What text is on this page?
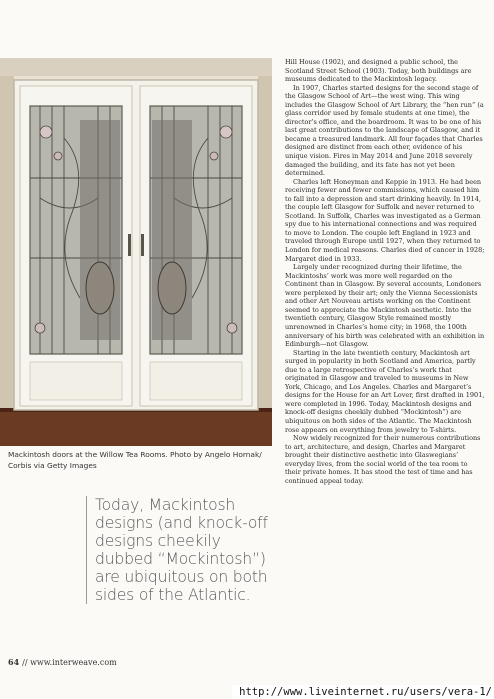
Mackintosh doors at the Willow Tea Rooms. Photo by Angelo Hornak/ Corbis via Getty Images
Today, Mackintosh designs (and knock-off designs cheekily dubbed “Mockintosh”) are ubiquitous on both sides of the Atlantic.

Hill House (1902), and designed a public school, the Scotland Street School (1903). Today, both buildings are museums dedicated to the Mackintosh legacy.

In 1907, Charles started designs for the second stage of the Glasgow School of Art—the west wing. This wing includes the Glasgow School of Art Library, the “hen run” (a glass corridor used by female students at one time), the director’s office, and the boardroom. It was to be one of his last great contributions to the landscape of Glasgow, and it became a treasured landmark. All four façades that Charles designed are distinct from each other, evidence of his unique vision. Fires in May 2014 and June 2018 severely damaged the building, and its fate has not yet been determined.

Charles left Honeyman and Keppie in 1913. He had been receiving fewer and fewer commissions, which caused him to fall into a depression and start drinking heavily. In 1914, the couple left Glasgow for Suffolk and never returned to Scotland. In Suffolk, Charles was investigated as a German spy due to his international connections and was required to move to London. The couple left England in 1923 and traveled through Europe until 1927, when they returned to London for medical reasons. Charles died of cancer in 1928; Margaret died in 1933.

Largely under recognized during their lifetime, the Mackintoshs’ work was more well regarded on the Continent than in Glasgow. By several accounts, Londoners were perplexed by their art; only the Vienna Secessionists and other Art Nouveau artists working on the Continent seemed to appreciate the Mackintosh aesthetic. Into the twentieth century, Glasgow Style remained mostly unrenowned in Charles’s home city; in 1968, the 100th anniversary of his birth was celebrated with an exhibition in Edinburgh—not Glasgow.

Starting in the late twentieth century, Mackintosh art surged in popularity in both Scotland and America, partly due to a large retrospective of Charles’s work that originated in Glasgow and traveled to museums in New York, Chicago, and Los Angeles. Charles and Margaret’s designs for the House for an Art Lover, first drafted in 1901, were completed in 1996. Today, Mackintosh designs and knock-off designs cheekily dubbed “Mockintosh”) are ubiquitous on both sides of the Atlantic. The Mackintosh rose appears on everything from jewelry to T-shirts.

Now widely recognized for their numerous contributions to art, architecture, and design, Charles and Margaret brought their distinctive aesthetic into Glaswegians’ everyday lives, from the social world of the tea room to their private homes. It has stood the test of time and has continued appeal today.

64 // www.interweave.com
http://www.liveinternet.ru/users/vera-1/
